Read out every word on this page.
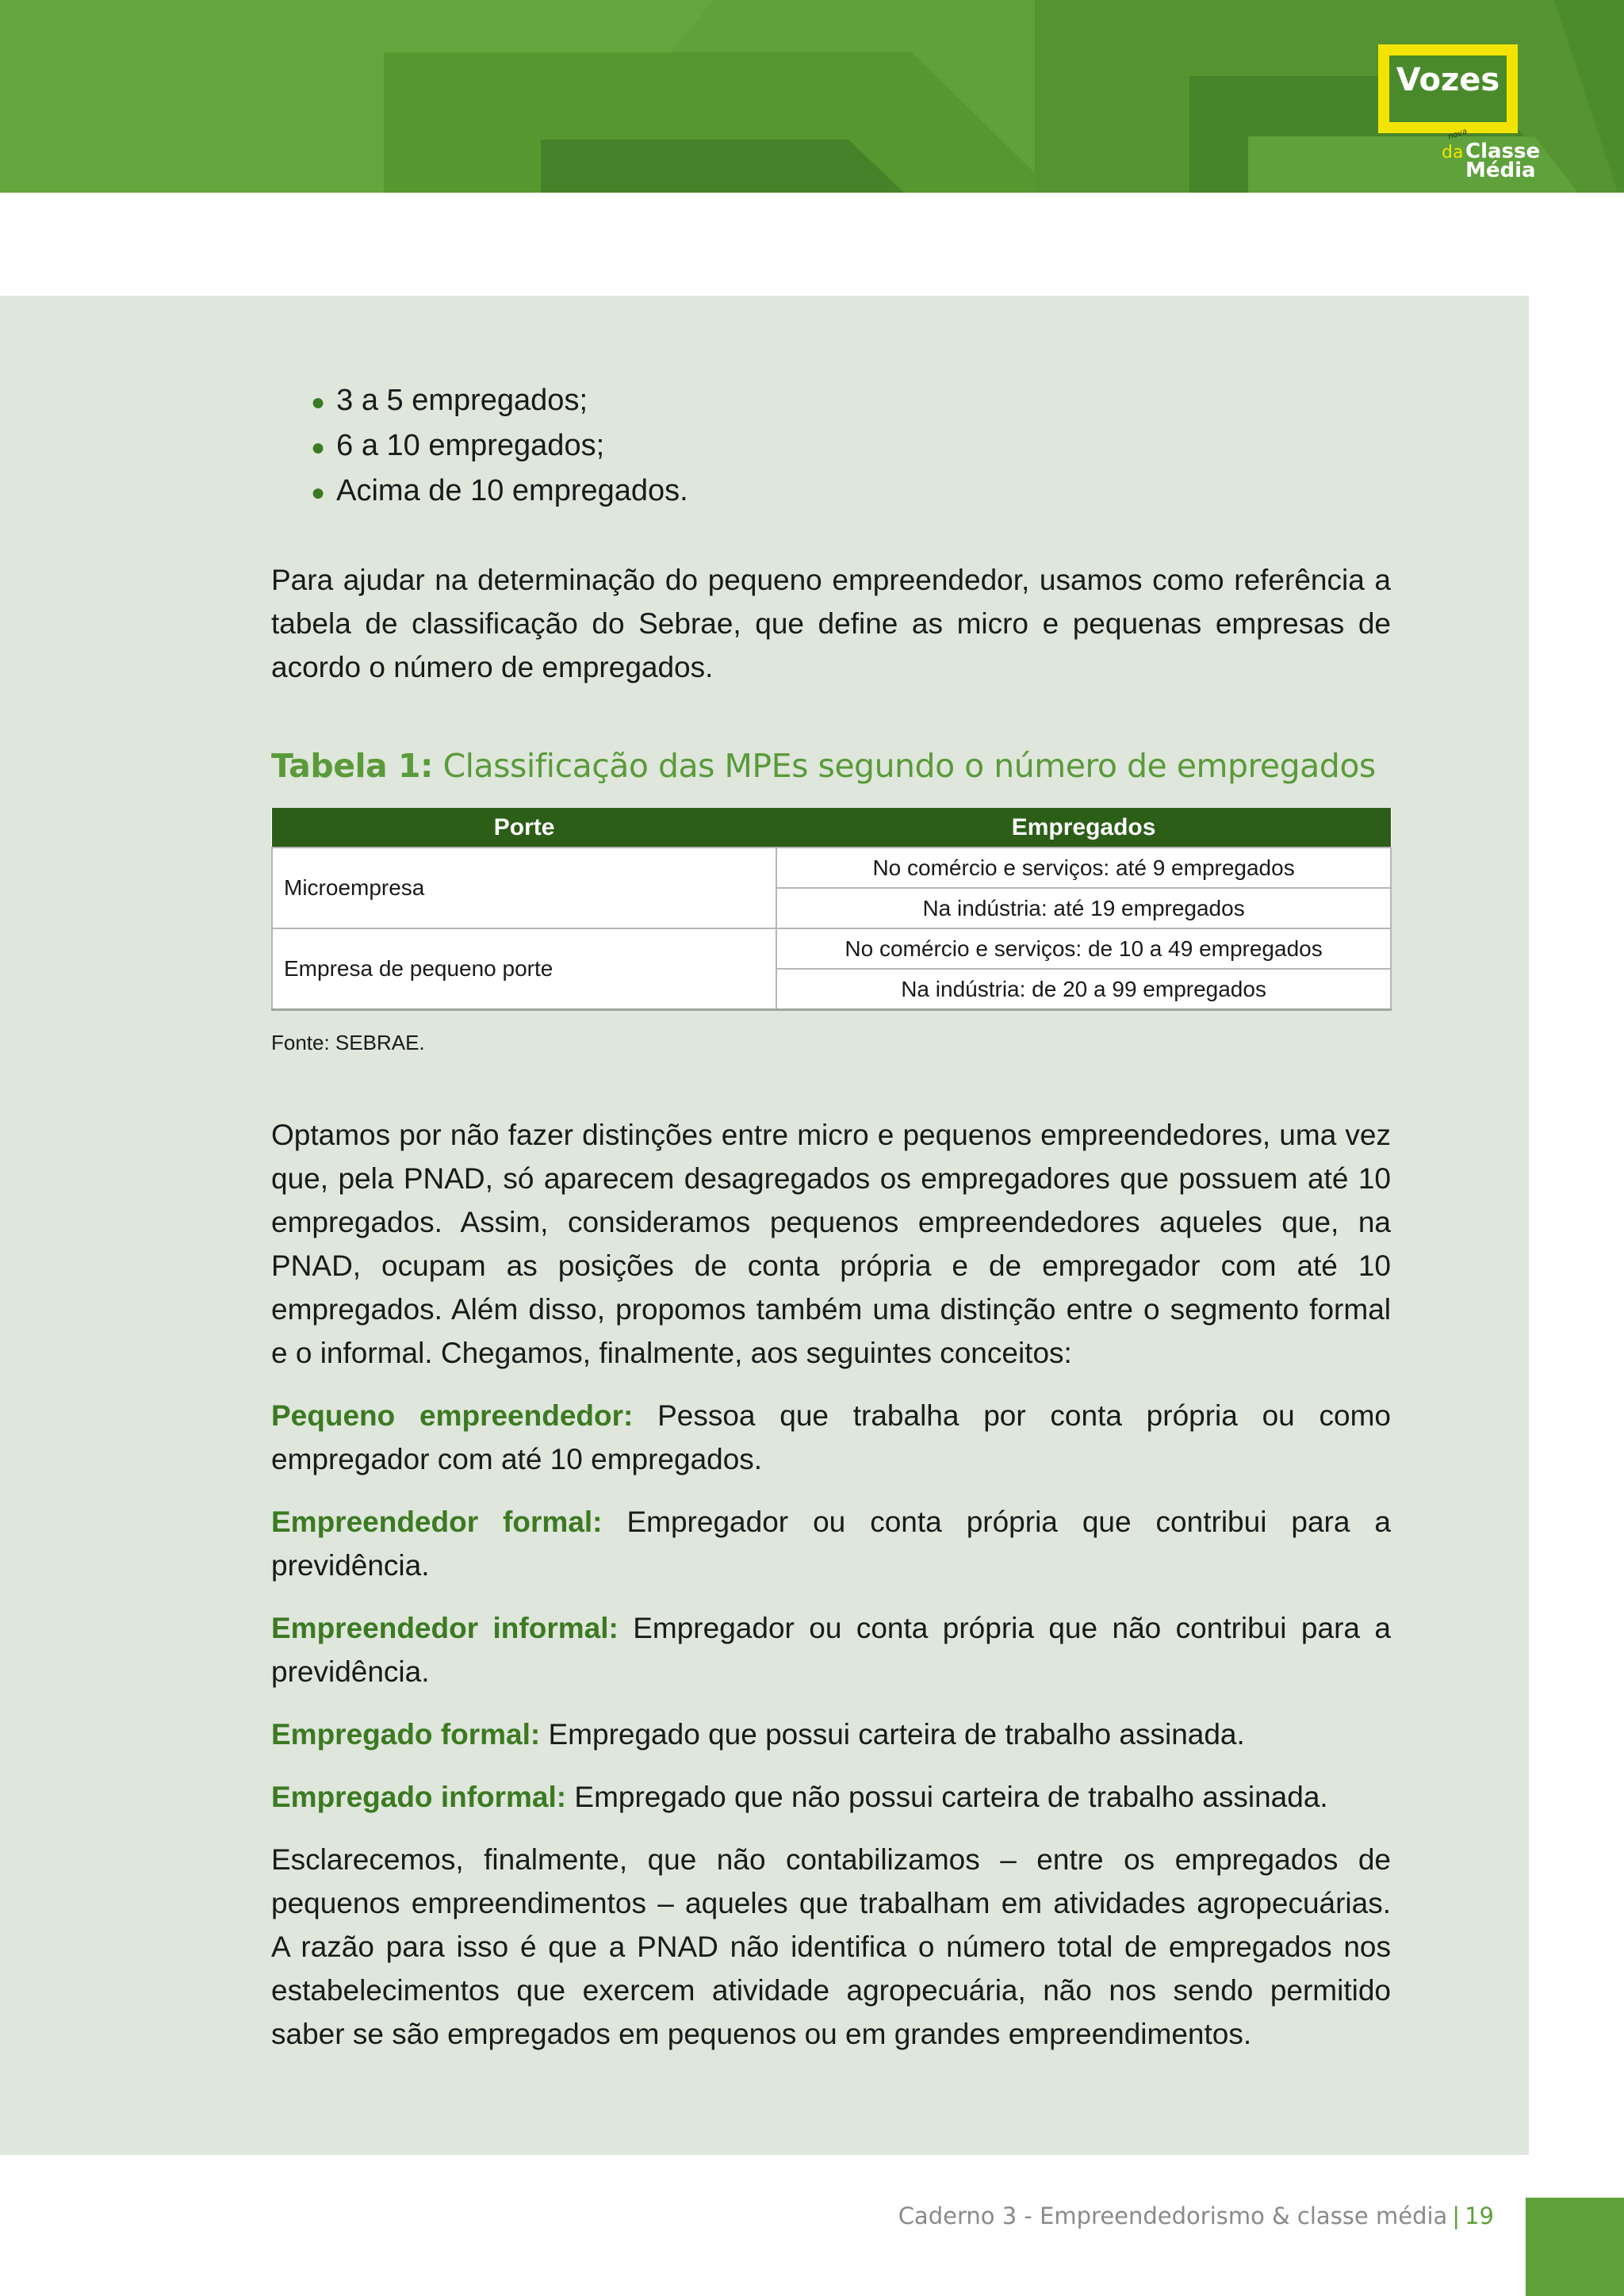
Vozes
nova
da Classe
Média
● 3 a 5 empregados;
● 6 a 10 empregados;
● Acima de 10 empregados.

Para ajudar na determinação do pequeno empreendedor, usamos como referência a tabela de classificação do Sebrae, que define as micro e pequenas empresas de acordo o número de empregados.

Tabela 1: Classificação das MPEs segundo o número de empregados
Porte	Empregados
Microempresa	No comércio e serviços: até 9 empregados
	Na indústria: até 19 empregados
Empresa de pequeno porte	No comércio e serviços: de 10 a 49 empregados
	Na indústria: de 20 a 99 empregados
Fonte: SEBRAE.

Optamos por não fazer distinções entre micro e pequenos empreendedores, uma vez que, pela PNAD, só aparecem desagregados os empregadores que possuem até 10 empregados. Assim, consideramos pequenos empreendedores aqueles que, na PNAD, ocupam as posições de conta própria e de empregador com até 10 empregados. Além disso, propomos também uma distinção entre o segmento formal e o informal. Chegamos, finalmente, aos seguintes conceitos:

Pequeno empreendedor: Pessoa que trabalha por conta própria ou como empregador com até 10 empregados.

Empreendedor formal: Empregador ou conta própria que contribui para a previdência.

Empreendedor informal: Empregador ou conta própria que não contribui para a previdência.

Empregado formal: Empregado que possui carteira de trabalho assinada.

Empregado informal: Empregado que não possui carteira de trabalho assinada.

Esclarecemos, finalmente, que não contabilizamos – entre os empregados de pequenos empreendimentos – aqueles que trabalham em atividades agropecuárias. A razão para isso é que a PNAD não identifica o número total de empregados nos estabelecimentos que exercem atividade agropecuária, não nos sendo permitido saber se são empregados em pequenos ou em grandes empreendimentos.

Caderno 3 - Empreendedorismo & classe média | 19
